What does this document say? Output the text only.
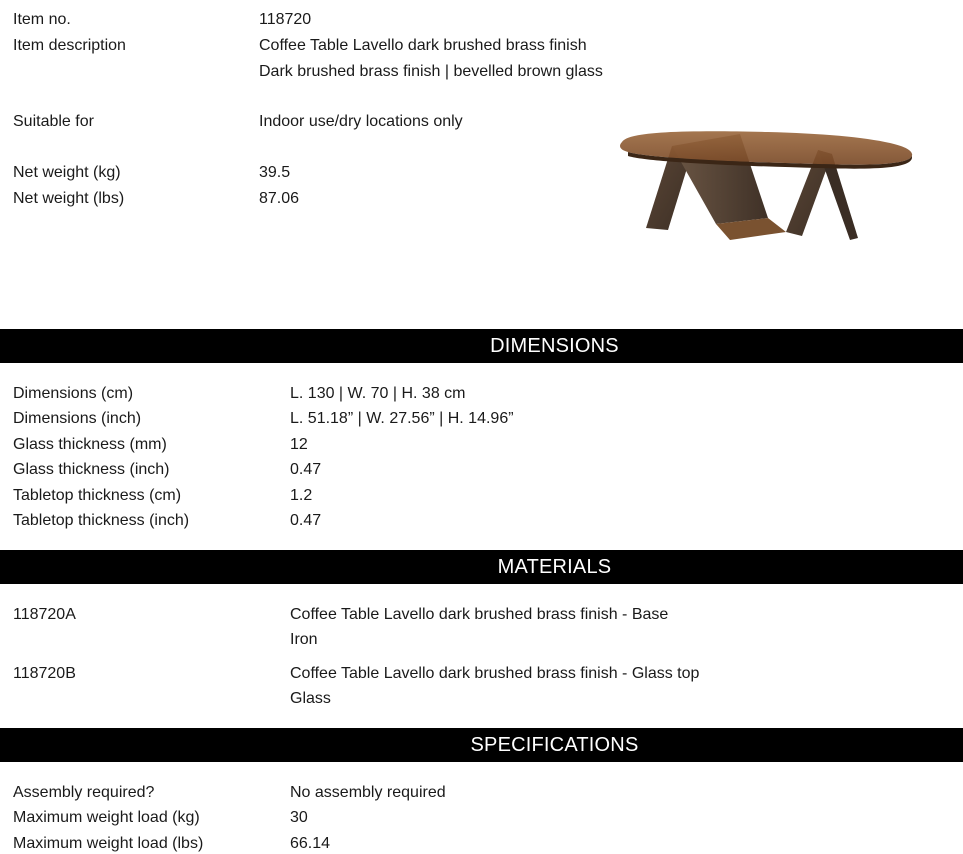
Item no.	118720
Item description	Coffee Table Lavello dark brushed brass finish
Dark brushed brass finish | bevelled brown glass
Suitable for	Indoor use/dry locations only
Net weight (kg)	39.5
Net weight (lbs)	87.06
DIMENSIONS
Dimensions (cm)	L. 130 | W. 70 | H. 38 cm
Dimensions (inch)	L. 51.18” | W. 27.56” | H. 14.96”
Glass thickness (mm)	12
Glass thickness (inch)	0.47
Tabletop thickness (cm)	1.2
Tabletop thickness (inch)	0.47
MATERIALS
118720A	Coffee Table Lavello dark brushed brass finish - Base
Iron
118720B	Coffee Table Lavello dark brushed brass finish - Glass top
Glass
SPECIFICATIONS
Assembly required?	No assembly required
Maximum weight load (kg)	30
Maximum weight load (lbs)	66.14
